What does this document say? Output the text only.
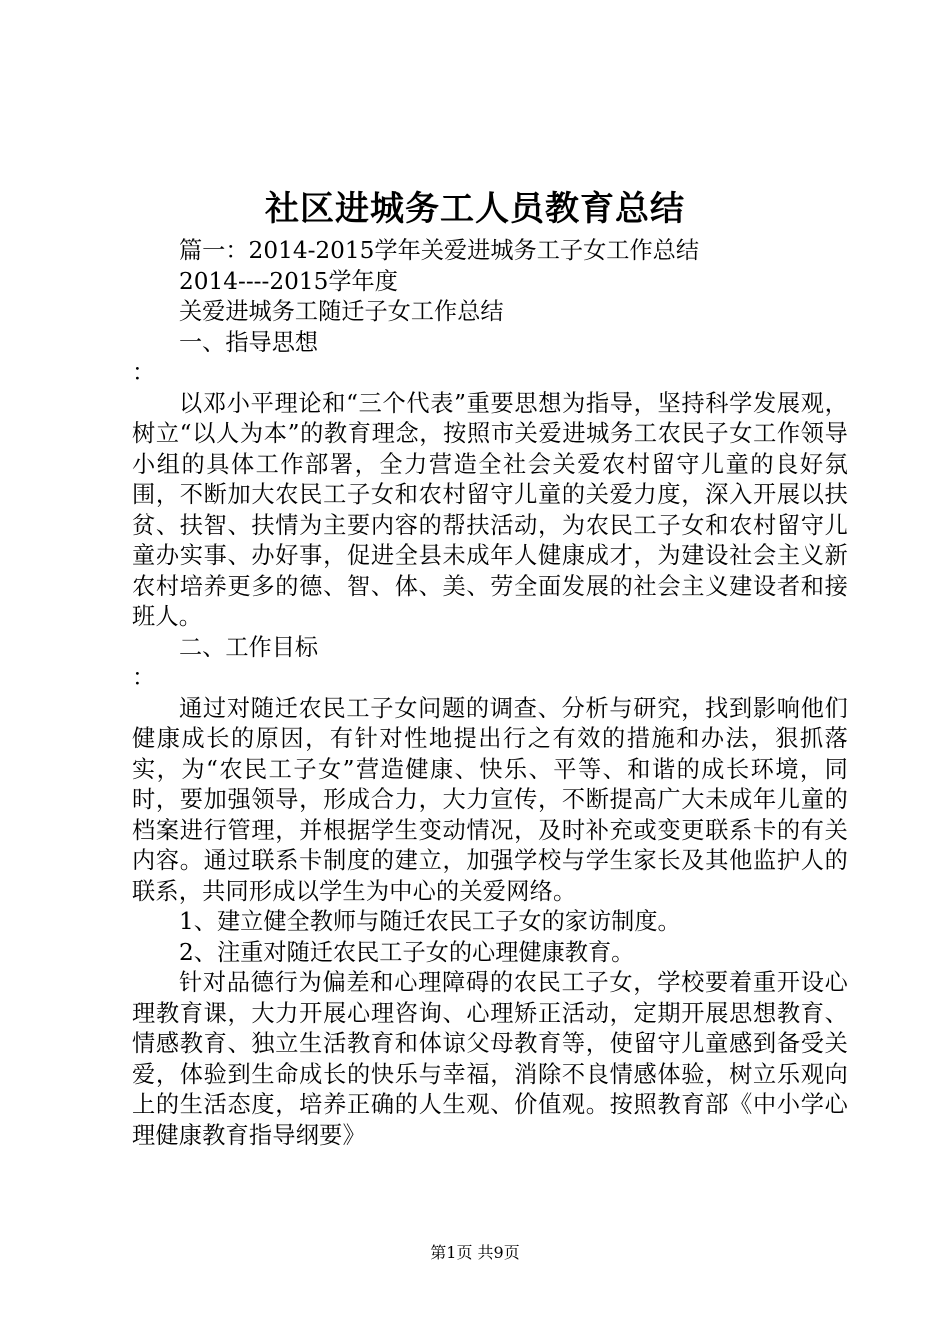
社区进城务工人员教育总结

篇一：2014-2015学年关爱进城务工子女工作总结

2014----2015学年度

关爱进城务工随迁子女工作总结

一、指导思想

：

以邓小平理论和“三个代表”重要思想为指导，坚持科学发展观，树立“以人为本”的教育理念，按照市关爱进城务工农民子女工作领导小组的具体工作部署，全力营造全社会关爱农村留守儿童的良好氛围，不断加大农民工子女和农村留守儿童的关爱力度，深入开展以扶贫、扶智、扶情为主要内容的帮扶活动，为农民工子女和农村留守儿童办实事、办好事，促进全县未成年人健康成才，为建设社会主义新农村培养更多的德、智、体、美、劳全面发展的社会主义建设者和接班人。

二、工作目标

：

通过对随迁农民工子女问题的调查、分析与研究，找到影响他们健康成长的原因，有针对性地提出行之有效的措施和办法，狠抓落实，为“农民工子女”营造健康、快乐、平等、和谐的成长环境，同时，要加强领导，形成合力，大力宣传，不断提高广大未成年儿童的档案进行管理，并根据学生变动情况，及时补充或变更联系卡的有关内容。通过联系卡制度的建立，加强学校与学生家长及其他监护人的联系，共同形成以学生为中心的关爱网络。

1、建立健全教师与随迁农民工子女的家访制度。

2、注重对随迁农民工子女的心理健康教育。

针对品德行为偏差和心理障碍的农民工子女，学校要着重开设心理教育课，大力开展心理咨询、心理矫正活动，定期开展思想教育、情感教育、独立生活教育和体谅父母教育等，使留守儿童感到备受关爱，体验到生命成长的快乐与幸福，消除不良情感体验，树立乐观向上的生活态度，培养正确的人生观、价值观。按照教育部《中小学心理健康教育指导纲要》

第1页 共9页
